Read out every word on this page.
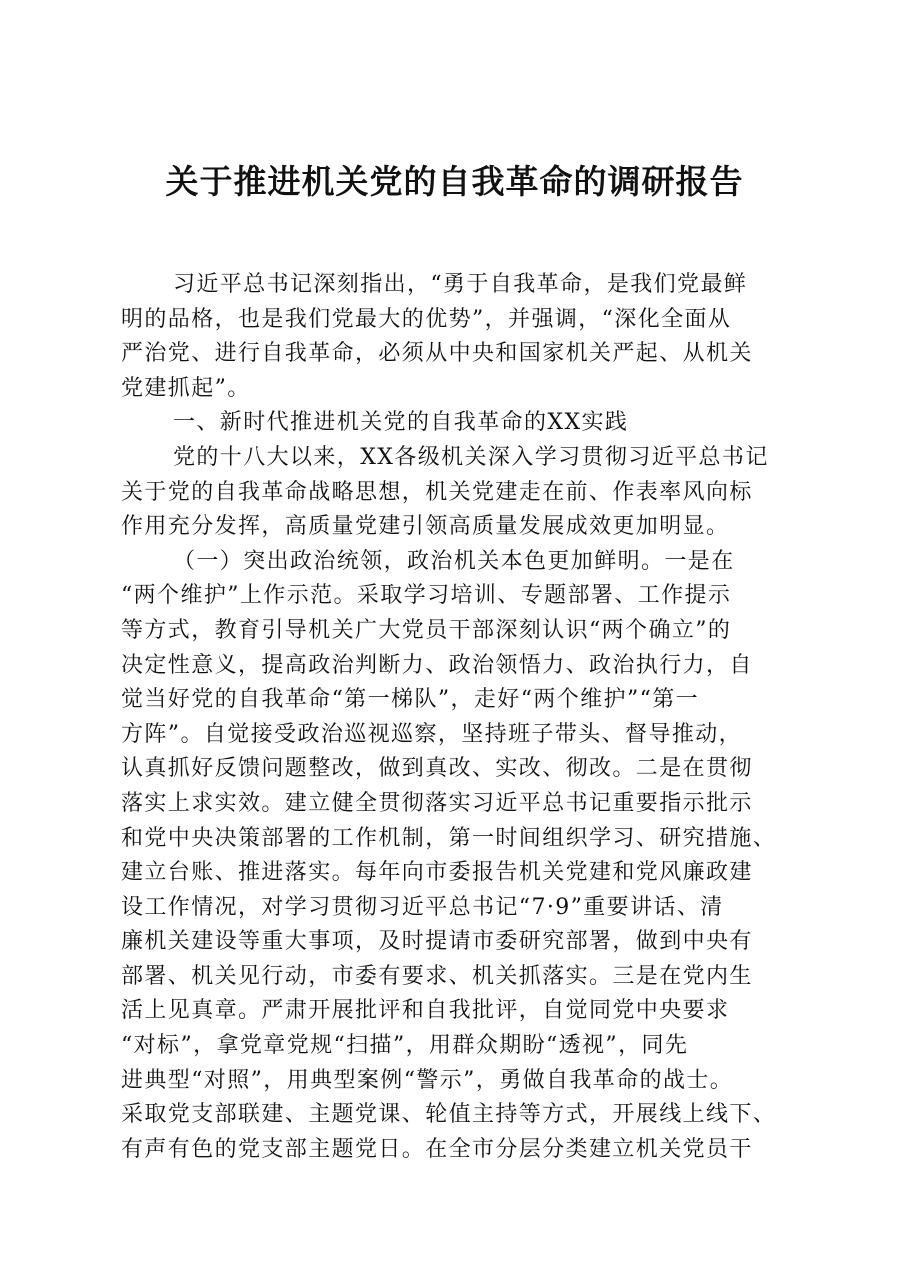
关于推进机关党的自我革命的调研报告
习近平总书记深刻指出，“勇于自我革命，是我们党最鲜
明的品格，也是我们党最大的优势”，并强调，“深化全面从
严治党、进行自我革命，必须从中央和国家机关严起、从机关
党建抓起”。
一、新时代推进机关党的自我革命的XX实践
党的十八大以来，XX各级机关深入学习贯彻习近平总书记
关于党的自我革命战略思想，机关党建走在前、作表率风向标
作用充分发挥，高质量党建引领高质量发展成效更加明显。
（一）突出政治统领，政治机关本色更加鲜明。一是在
“两个维护”上作示范。采取学习培训、专题部署、工作提示
等方式，教育引导机关广大党员干部深刻认识“两个确立”的
决定性意义，提高政治判断力、政治领悟力、政治执行力，自
觉当好党的自我革命“第一梯队”，走好“两个维护”“第一
方阵”。自觉接受政治巡视巡察，坚持班子带头、督导推动，
认真抓好反馈问题整改，做到真改、实改、彻改。二是在贯彻
落实上求实效。建立健全贯彻落实习近平总书记重要指示批示
和党中央决策部署的工作机制，第一时间组织学习、研究措施、
建立台账、推进落实。每年向市委报告机关党建和党风廉政建
设工作情况，对学习贯彻习近平总书记“7·9”重要讲话、清
廉机关建设等重大事项，及时提请市委研究部署，做到中央有
部署、机关见行动，市委有要求、机关抓落实。三是在党内生
活上见真章。严肃开展批评和自我批评，自觉同党中央要求
“对标”，拿党章党规“扫描”，用群众期盼“透视”，同先
进典型“对照”，用典型案例“警示”，勇做自我革命的战士。
采取党支部联建、主题党课、轮值主持等方式，开展线上线下、
有声有色的党支部主题党日。在全市分层分类建立机关党员干
